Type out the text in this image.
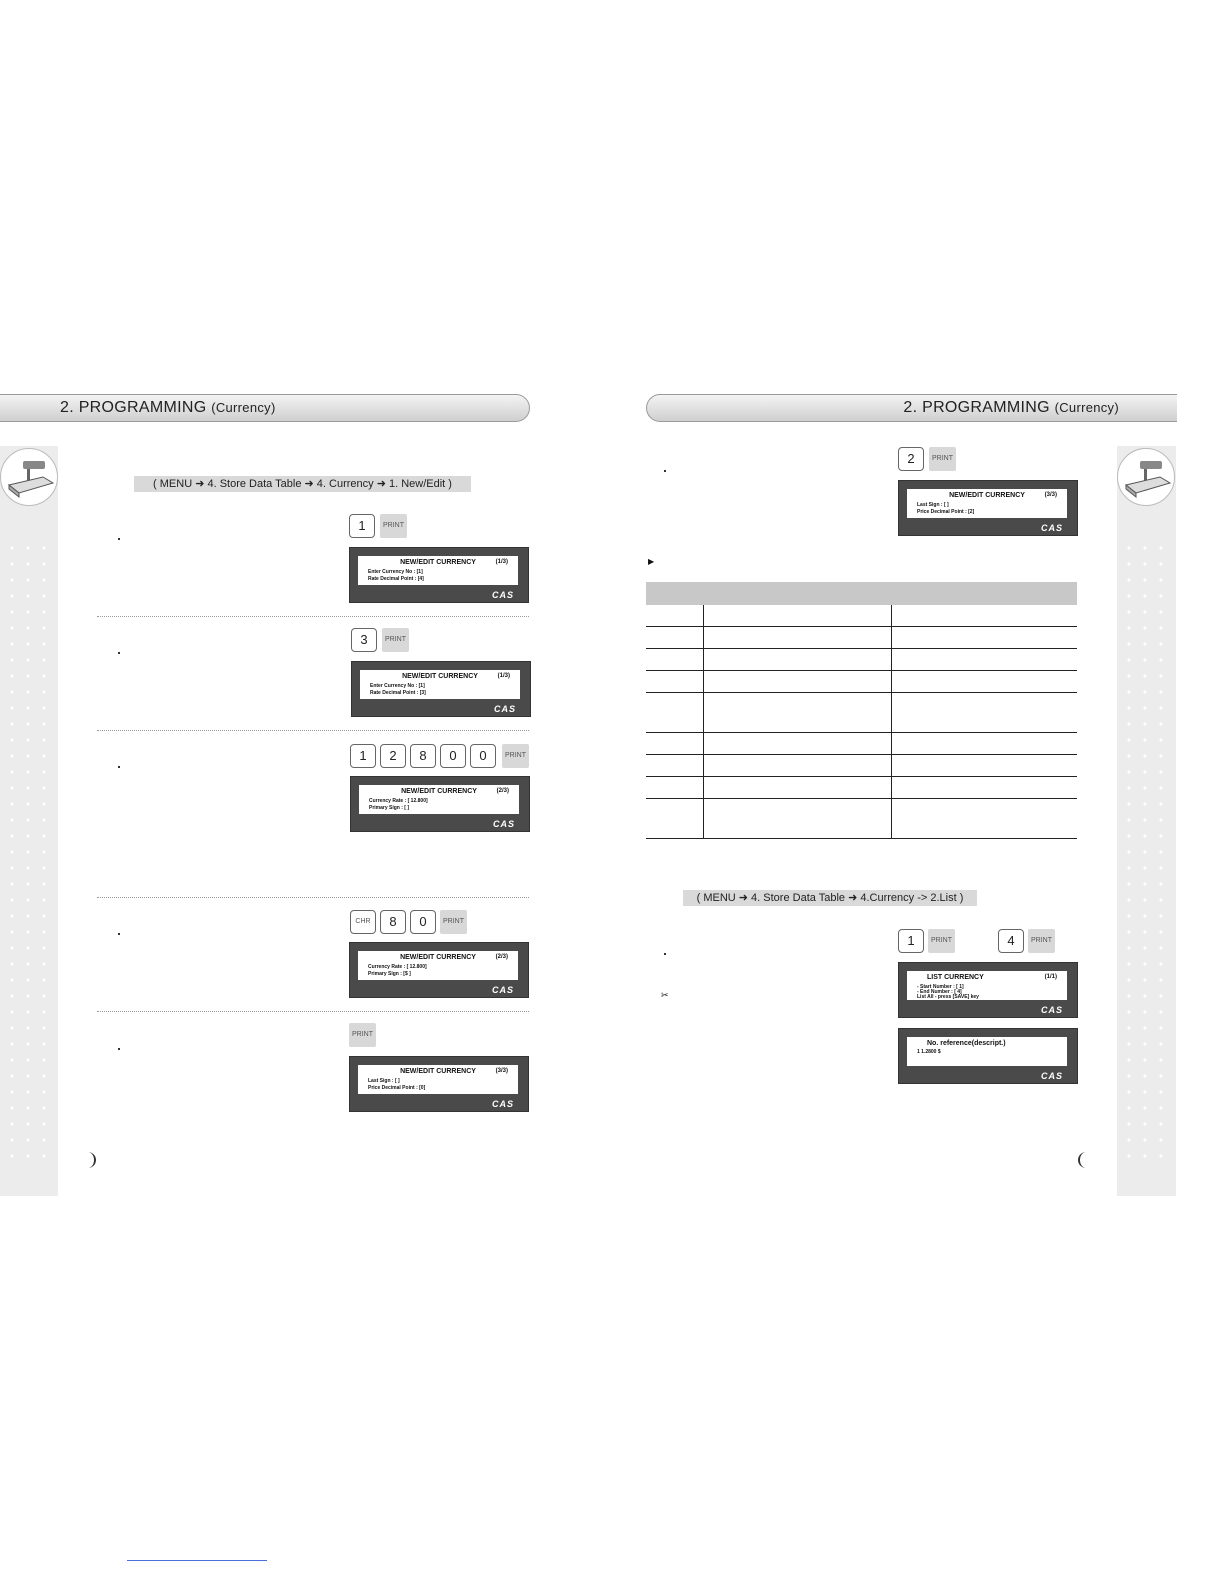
2. PROGRAMMING (Currency)
( MENU ➜ 4. Store Data Table ➜ 4. Currency ➜ 1. New/Edit )
1	PRINT
NEW/EDIT CURRENCY	(1/3)
Enter Currency No : [1]
Rate Decimal Point : [4]
CAS
3	PRINT
NEW/EDIT CURRENCY	(1/3)
Enter Currency No : [1]
Rate Decimal Point : [3]
CAS
1	2	8	0	0	PRINT
NEW/EDIT CURRENCY	(2/3)
Currency Rate : [ 12.800]
Primary Sign : [ ]
CAS
CHR	8	0	PRINT
NEW/EDIT CURRENCY	(2/3)
Currency Rate : [ 12.800]
Primary Sign : [$ ]
CAS
PRINT
NEW/EDIT CURRENCY	(3/3)
Last Sign : [ ]
Price Decimal Point : [0]
CAS
2. PROGRAMMING (Currency)
2	PRINT
NEW/EDIT CURRENCY	(3/3)
Last Sign : [ ]
Price Decimal Point : [2]
CAS
▶

( MENU ➜ 4. Store Data Table ➜ 4.Currency -> 2.List )
1	PRINT	4	PRINT
✂
LIST CURRENCY	(1/1)
- Start Number : [ 1]
- End Number : [ 4]
List All - press [SAVE] key
CAS
No. reference(descript.)
1 1.2800 $
CAS
